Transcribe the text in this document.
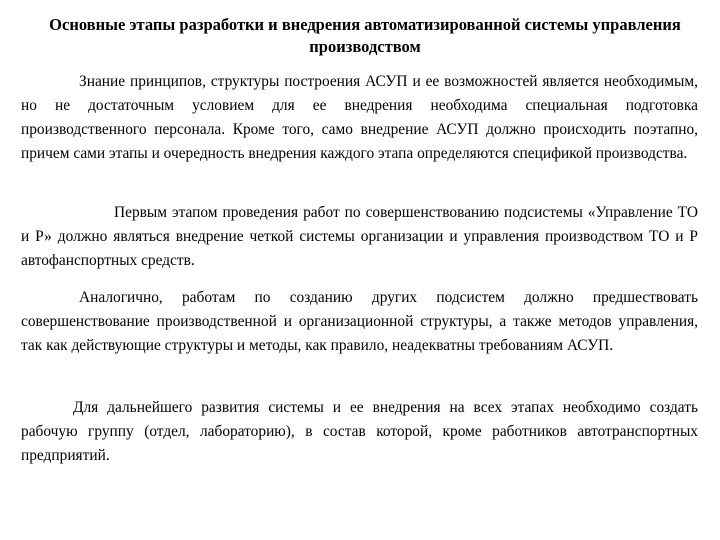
Основные этапы разработки и внедрения автоматизированной системы управления производством

Знание принципов, структуры построения АСУП и ее возможностей является необходимым, но не достаточным условием для ее внедрения необходима специальная подготовка производственного персонала. Кроме того, само внедрение АСУП должно происходить поэтапно, причем сами этапы и очередность внедрения каждого этапа определяются спецификой производства.

Первым этапом проведения работ по совершенствованию подсистемы «Управление ТО и Р» должно являться внедрение четкой системы организации и управления производством ТО и Р автофанспортных средств.

Аналогично, работам по созданию других подсистем должно предшествовать совершенствование производственной и организационной структуры, а также методов управления, так как действующие структуры и методы, как правило, неадекватны требованиям АСУП.

Для дальнейшего развития системы и ее внедрения на всех этапах необходимо создать рабочую группу (отдел, лабораторию), в состав которой, кроме работников автотранспортных предприятий.
